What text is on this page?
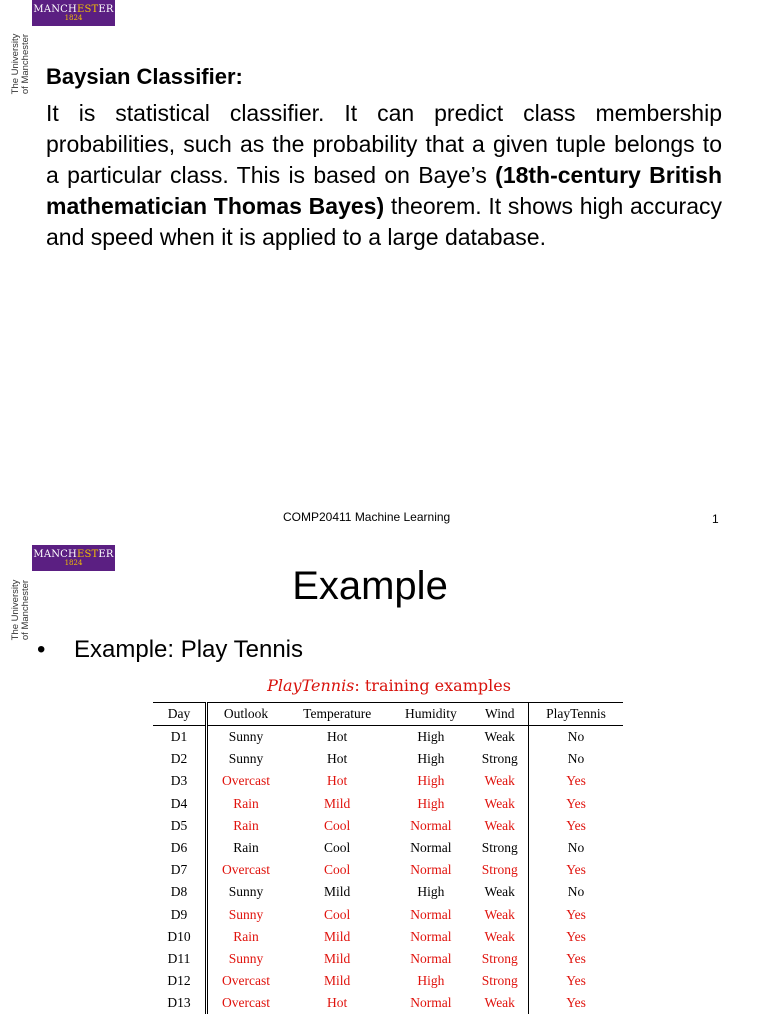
MANCHESTER
1824
The University of Manchester Baysian Classifier:

It is statistical classifier. It can predict class membership probabilities, such as the probability that a given tuple belongs to a particular class. This is based on Baye’s (18th-century British mathematician Thomas Bayes) theorem. It shows high accuracy and speed when it is applied to a large database.

COMP20411 Machine Learning	1
MANCHESTER
1824
The University of Manchester	Example
• Example: Play Tennis
PlayTennis: training examples
Day	Outlook	Temperature	Humidity	Wind	PlayTennis
D1	Sunny	Hot	High	Weak	No
D2	Sunny	Hot	High	Strong	No
D3	Overcast	Hot	High	Weak	Yes
D4	Rain	Mild	High	Weak	Yes
D5	Rain	Cool	Normal	Weak	Yes
D6	Rain	Cool	Normal	Strong	No
D7	Overcast	Cool	Normal	Strong	Yes
D8	Sunny	Mild	High	Weak	No
D9	Sunny	Cool	Normal	Weak	Yes
D10	Rain	Mild	Normal	Weak	Yes
D11	Sunny	Mild	Normal	Strong	Yes
D12	Overcast	Mild	High	Strong	Yes
D13	Overcast	Hot	Normal	Weak	Yes
